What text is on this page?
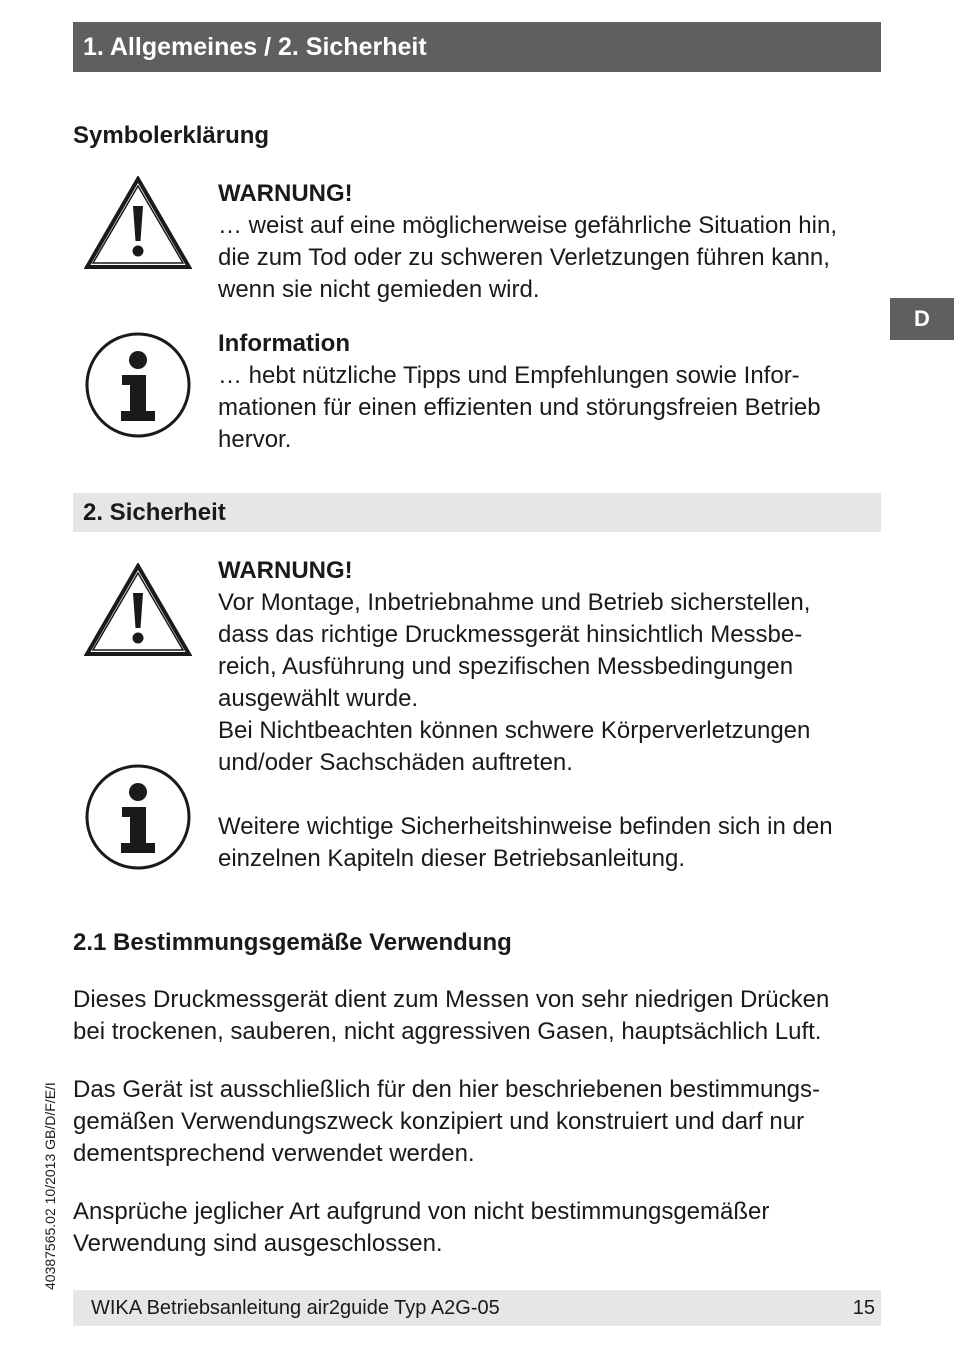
1. Allgemeines / 2. Sicherheit
D
Symbolerklärung

WARNUNG!

… weist auf eine möglicherweise gefährliche Situation hin,

die zum Tod oder zu schweren Verletzungen führen kann,

wenn sie nicht gemieden wird.

Information

… hebt nützliche Tipps und Empfehlungen sowie Infor-

mationen für einen effizienten und störungsfreien Betrieb

hervor.

2. Sicherheit

WARNUNG!

Vor Montage, Inbetriebnahme und Betrieb sicherstellen,

dass das richtige Druckmessgerät hinsichtlich Messbe-

reich, Ausführung und spezifischen Messbedingungen

ausgewählt wurde.

Bei Nichtbeachten können schwere Körperverletzungen

und/oder Sachschäden auftreten.

Weitere wichtige Sicherheitshinweise befinden sich in den

einzelnen Kapiteln dieser Betriebsanleitung.

2.1 Bestimmungsgemäße Verwendung

Dieses Druckmessgerät dient zum Messen von sehr niedrigen Drücken

bei trockenen, sauberen, nicht aggressiven Gasen, hauptsächlich Luft.

Das Gerät ist ausschließlich für den hier beschriebenen bestimmungs-

gemäßen Verwendungszweck konzipiert und konstruiert und darf nur

dementsprechend verwendet werden.

Ansprüche jeglicher Art aufgrund von nicht bestimmungsgemäßer

Verwendung sind ausgeschlossen.

40387565.02 10/2013 GB/D/F/E/I
WIKA Betriebsanleitung air2guide Typ A2G-05	15
